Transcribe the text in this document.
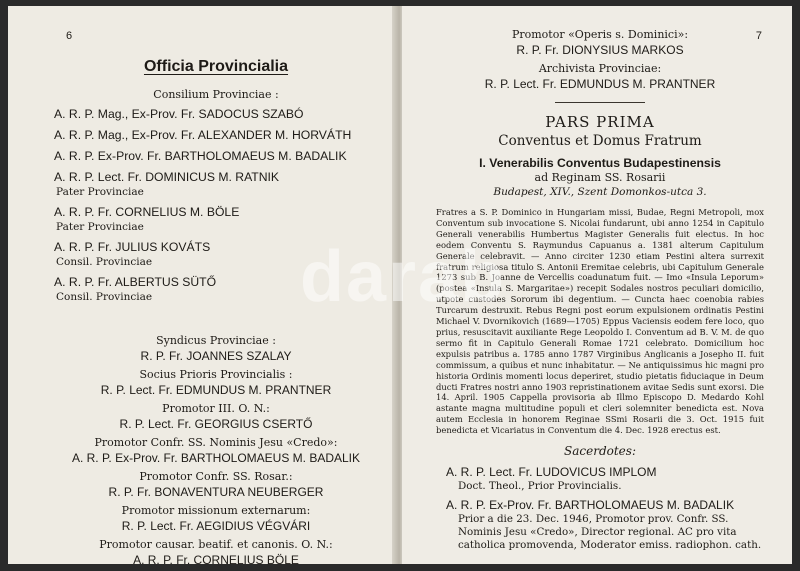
6
Officia Provincialia
Consilium Provinciae :
A. R. P. Mag., Ex-Prov. Fr. SADOCUS SZABÓ
A. R. P. Mag., Ex-Prov. Fr. ALEXANDER M. HORVÁTH
A. R. P. Ex-Prov. Fr. BARTHOLOMAEUS M. BADALIK
A. R. P. Lect. Fr. DOMINICUS M. RATNIK
Pater Provinciae
A. R. P. Fr. CORNELIUS M. BÖLE
Pater Provinciae
A. R. P. Fr. JULIUS KOVÁTS
Consil. Provinciae
A. R. P. Fr. ALBERTUS SÜTŐ
Consil. Provinciae
Syndicus Provinciae :
R. P. Fr. JOANNES SZALAY
Socius Prioris Provincialis :
R. P. Lect. Fr. EDMUNDUS M. PRANTNER
Promotor III. O. N.:
R. P. Lect. Fr. GEORGIUS CSERTŐ
Promotor Confr. SS. Nominis Jesu «Credo»:
A. R. P. Ex-Prov. Fr. BARTHOLOMAEUS M. BADALIK
Promotor Confr. SS. Rosar.:
R. P. Fr. BONAVENTURA NEUBERGER
Promotor missionum externarum:
R. P. Lect. Fr. AEGIDIUS VÉGVÁRI
Promotor causar. beatif. et canonis. O. N.:
A. R. P. Fr. CORNELIUS BÖLE
7
Promotor «Operis s. Dominici»:
R. P. Fr. DIONYSIUS MARKOS
Archivista Provinciae:
R. P. Lect. Fr. EDMUNDUS M. PRANTNER
PARS PRIMA
Conventus et Domus Fratrum
I. Venerabilis Conventus Budapestinensis
ad Reginam SS. Rosarii
Budapest, XIV., Szent Domonkos-utca 3.
Fratres a S. P. Dominico in Hungariam missi, Budae, Regni Metropoli, mox Conventum sub invocatione S. Nicolai fundarunt, ubi anno 1254 in Capitulo Generali venerabilis Humbertus Magister Generalis fuit electus. In hoc eodem Conventu S. Raymundus Capuanus a. 1381 alterum Capitulum Generale celebravit. — Anno circiter 1230 etiam Pestini altera surrexit fratrum religiosa titulo S. Antonii Eremitae celebris, ubi Capitulum Generale 1273 sub B. Joanne de Vercellis coadunatum fuit. — Imo «Insula Leporum» (postea «Insula S. Margaritae») recepit Sodales nostros peculiari domicilio, utpote custodes Sororum ibi degentium. — Cuncta haec coenobia rabies Turcarum destruxit. Rebus Regni post eorum expulsionem ordinatis Pestini Michael V. Dvornikovich (1689—1705) Eppus Vaciensis eodem fere loco, quo prius, resuscitavit auxiliante Rege Leopoldo I. Conventum ad B. V. M. de quo sermo fit in Capitulo Generali Romae 1721 celebrato. Domicilium hoc expulsis patribus a. 1785 anno 1787 Virginibus Anglicanis a Josepho II. fuit commissum, a quibus et nunc inhabitatur. — Ne antiquissimus hic magni pro historia Ordinis momenti locus deperiret, studio pietatis fiduciaque in Deum ducti Fratres nostri anno 1903 repristinationem avitae Sedis sunt exorsi. Die 14. April. 1905 Cappella provisoria ab Illmo Episcopo D. Medardo Kohl astante magna multitudine populi et cleri solemniter benedicta est. Nova autem Ecclesia in honorem Reginae SSmi Rosarii die 3. Oct. 1915 fuit benedicta et Vicariatus in Conventum die 4. Dec. 1928 erectus est.
Sacerdotes:
A. R. P. Lect. Fr. LUDOVICUS IMPLOM
Doct. Theol., Prior Provincialis.
A. R. P. Ex-Prov. Fr. BARTHOLOMAEUS M. BADALIK
Prior a die 23. Dec. 1946, Promotor prov. Confr. SS. Nominis Jesu «Credo», Director regional. AC pro vita catholica promovenda, Moderator emiss. radiophon. cath.
darab
